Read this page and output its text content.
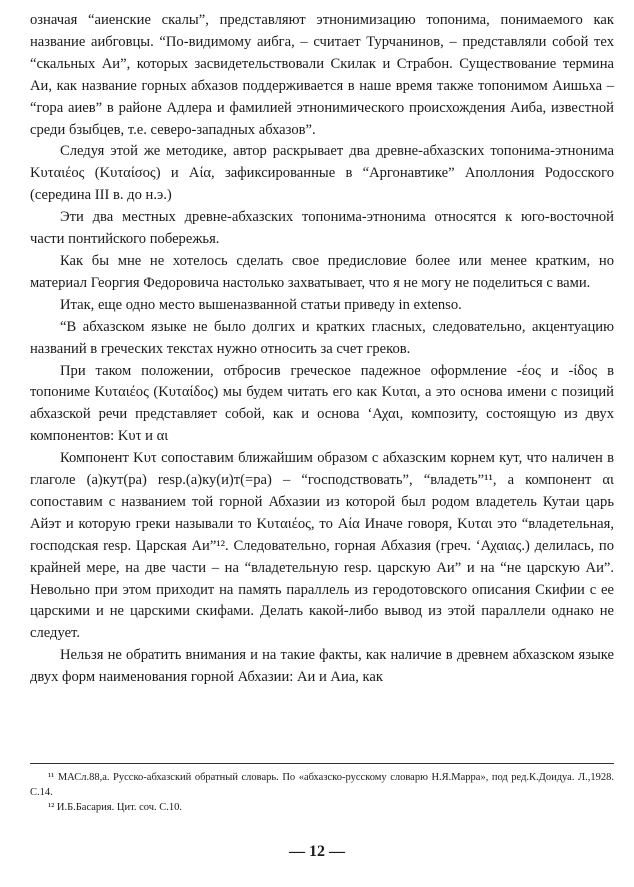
означая “аиенские скалы”, представляют этнонимизацию топонима, понимаемого как название аибговцы. “По-видимому аибга, – считает Турчанинов, – представляли собой тех “скальных Аи”, которых засвидетельствовали Скилак и Страбон. Существование термина Аи, как название горных абхазов поддерживается в наше время также топонимом Аишьха – “гора аиев” в районе Адлера и фамилией этнонимического происхождения Аиба, известной среди бзыбцев, т.е. северо-западных абхазов”.

Следуя этой же методике, автор раскрывает два древне-абхазских топонима-этнонима Κυταιέος (Κυταίσος) и Αία, зафиксированные в “Аргонавтике” Аполлония Родосского (середина III в. до н.э.)

Эти два местных древне-абхазских топонима-этнонима относятся к юго-восточной части понтийского побережья.

Как бы мне не хотелось сделать свое предисловие более или менее кратким, но материал Георгия Федоровича настолько захватывает, что я не могу не поделиться с вами.

Итак, еще одно место вышеназванной статьи приведу in extenso.

“В абхазском языке не было долгих и кратких гласных, следовательно, акцентуацию названий в греческих текстах нужно относить за счет греков.

При таком положении, отбросив греческое падежное оформление -έος и -ίδος в топониме Κυταιέος (Κυταίδος) мы будем читать его как Κυται, а это основа имени с позиций абхазской речи представляет собой, как и основа ‘Αχαι, композиту, состоящую из двух компонентов: Κυτ и αι

Компонент Κυτ сопоставим ближайшим образом с абхазским корнем кут, что наличен в глаголе (а)кут(ра) resp.(а)ку(и)т(=ра) – “господствовать”, “владеть”¹¹, а компонент αι сопоставим с названием той горной Абхазии из которой был родом владетель Кутаи царь Айэт и которую греки называли то Κυταιέος, то Αία Иначе говоря, Κυται это “владетельная, господская resp. Царская Аи”¹². Следовательно, горная Абхазия (греч. ‘Αχαιας.) делилась, по крайней мере, на две части – на “владетельную resp. царскую Аи” и на “не царскую Аи”. Невольно при этом приходит на память параллель из геродотовского описания Скифии с ее царскими и не царскими скифами. Делать какой-либо вывод из этой параллели однако не следует.

Нельзя не обратить внимания и на такие факты, как наличие в древнем абхазском языке двух форм наименования горной Абхазии: Аи и Аиа, как

¹¹ МАСл.88,а. Русско-абхазский обратный словарь. По «абхазско-русскому словарю Н.Я.Марра», под ред.К.Доидуа. Л.,1928. С.14.

¹² И.Б.Басария. Цит. соч. С.10.

— 12 —
